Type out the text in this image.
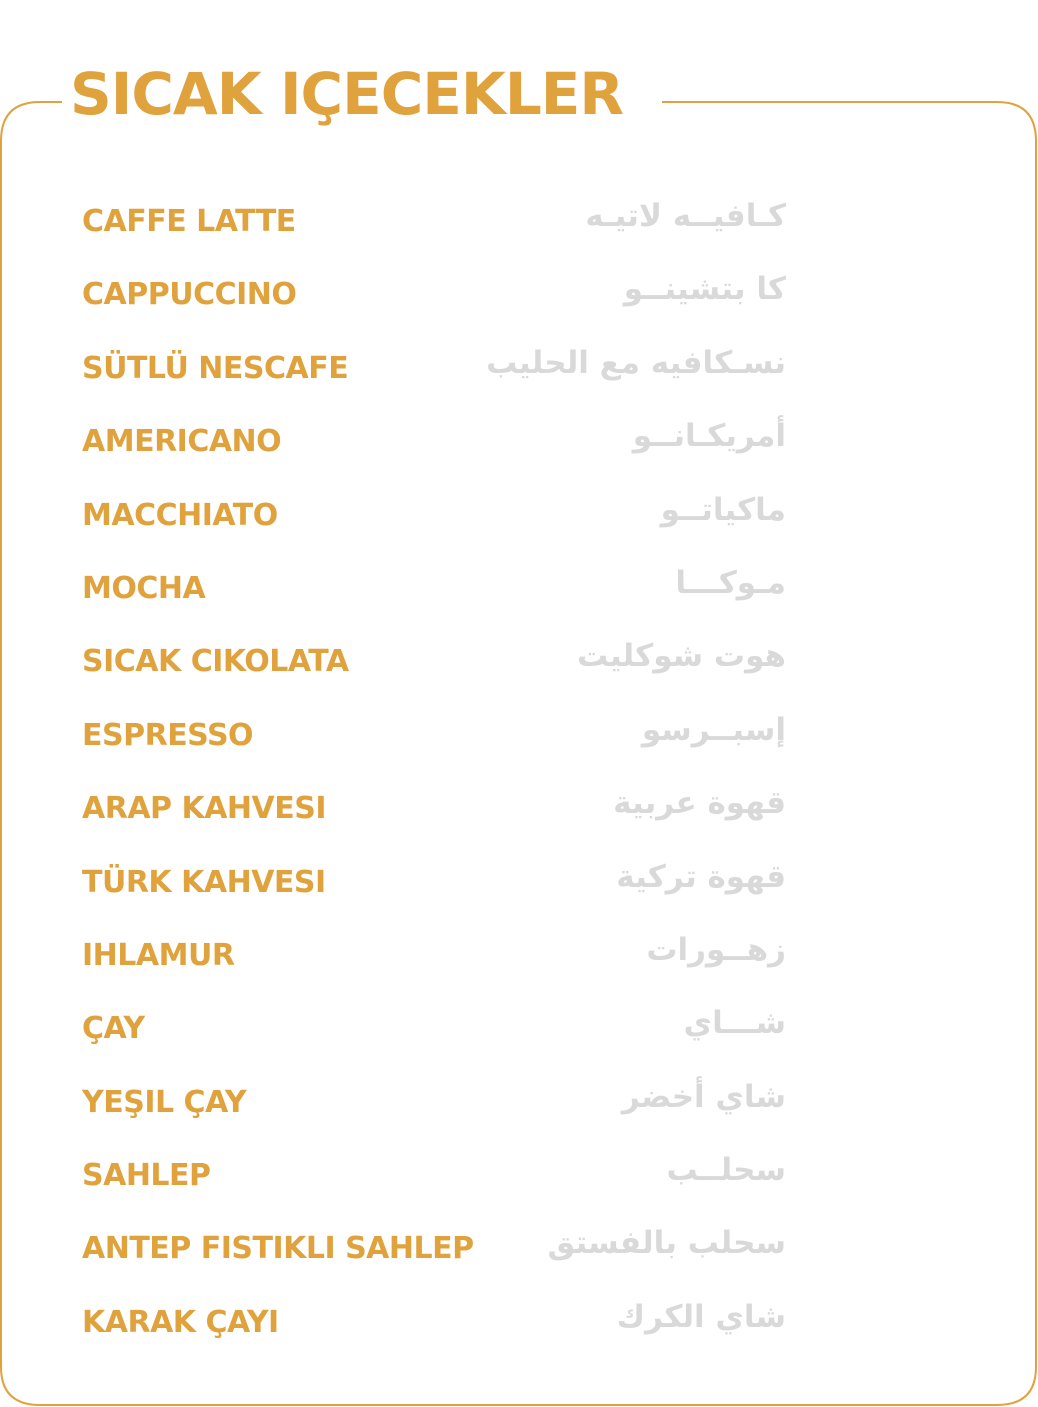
SICAK IÇECEKLER
CAFFE LATTE	كـافيــه لاتيـه
CAPPUCCINO	كا بتشينــو
SÜTLÜ NESCAFE	نسـكافيه مع الحليب
AMERICANO	أمريكـانــو
MACCHIATO	ماكياتــو
MOCHA	مـوكـــا
SICAK CIKOLATA	هوت شوكليت
ESPRESSO	إسبــرسو
ARAP KAHVESI	قهوة عربية
TÜRK KAHVESI	قهوة تركية
IHLAMUR	زهــورات
ÇAY	شـــاي
YEŞIL ÇAY	شاي أخضر
SAHLEP	سحلــب
ANTEP FISTIKLI SAHLEP سحلب بالفستق
KARAK ÇAYI	شاي الكرك
